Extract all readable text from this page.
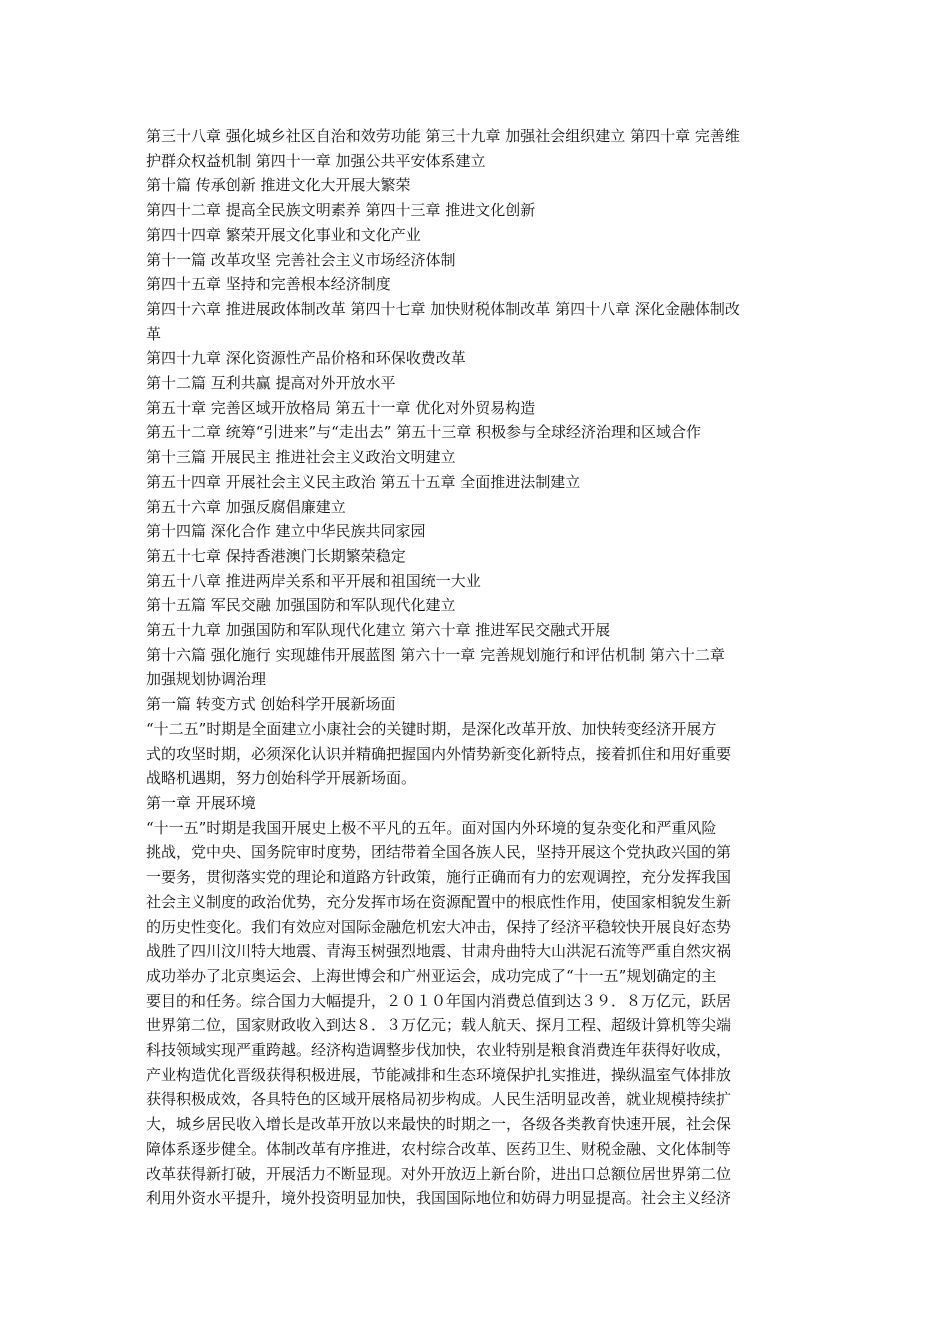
第三十八章 强化城乡社区自治和效劳功能 第三十九章 加强社会组织建立 第四十章 完善维
护群众权益机制 第四十一章 加强公共平安体系建立
第十篇 传承创新 推进文化大开展大繁荣
第四十二章 提高全民族文明素养 第四十三章 推进文化创新
第四十四章 繁荣开展文化事业和文化产业
第十一篇 改革攻坚 完善社会主义市场经济体制
第四十五章 坚持和完善根本经济制度
第四十六章 推进展政体制改革 第四十七章 加快财税体制改革 第四十八章 深化金融体制改
革
第四十九章 深化资源性产品价格和环保收费改革
第十二篇 互利共赢 提高对外开放水平
第五十章 完善区域开放格局 第五十一章 优化对外贸易构造
第五十二章 统筹“引进来”与“走出去” 第五十三章 积极参与全球经济治理和区域合作
第十三篇 开展民主 推进社会主义政治文明建立
第五十四章 开展社会主义民主政治 第五十五章 全面推进法制建立
第五十六章 加强反腐倡廉建立
第十四篇 深化合作 建立中华民族共同家园
第五十七章 保持香港澳门长期繁荣稳定
第五十八章 推进两岸关系和平开展和祖国统一大业
第十五篇 军民交融 加强国防和军队现代化建立
第五十九章 加强国防和军队现代化建立 第六十章 推进军民交融式开展
第十六篇 强化施行 实现雄伟开展蓝图 第六十一章 完善规划施行和评估机制 第六十二章
加强规划协调治理
第一篇 转变方式 创始科学开展新场面
“十二五”时期是全面建立小康社会的关键时期，是深化改革开放、加快转变经济开展方
式的攻坚时期，必须深化认识并精确把握国内外情势新变化新特点，接着抓住和用好重要
战略机遇期，努力创始科学开展新场面。
第一章 开展环境
“十一五”时期是我国开展史上极不平凡的五年。面对国内外环境的复杂变化和严重风险
挑战，党中央、国务院审时度势，团结带着全国各族人民，坚持开展这个党执政兴国的第
一要务，贯彻落实党的理论和道路方针政策，施行正确而有力的宏观调控，充分发挥我国
社会主义制度的政治优势，充分发挥市场在资源配置中的根底性作用，使国家相貌发生新
的历史性变化。我们有效应对国际金融危机宏大冲击，保持了经济平稳较快开展良好态势
战胜了四川汶川特大地震、青海玉树强烈地震、甘肃舟曲特大山洪泥石流等严重自然灾祸
成功举办了北京奥运会、上海世博会和广州亚运会，成功完成了“十一五”规划确定的主
要目的和任务。综合国力大幅提升，２０１０年国内消费总值到达３９．８万亿元，跃居
世界第二位，国家财政收入到达８．３万亿元；载人航天、探月工程、超级计算机等尖端
科技领域实现严重跨越。经济构造调整步伐加快，农业特别是粮食消费连年获得好收成，
产业构造优化晋级获得积极进展，节能减排和生态环境保护扎实推进，操纵温室气体排放
获得积极成效，各具特色的区域开展格局初步构成。人民生活明显改善，就业规模持续扩
大，城乡居民收入增长是改革开放以来最快的时期之一，各级各类教育快速开展，社会保
障体系逐步健全。体制改革有序推进，农村综合改革、医药卫生、财税金融、文化体制等
改革获得新打破，开展活力不断显现。对外开放迈上新台阶，进出口总额位居世界第二位
利用外资水平提升，境外投资明显加快，我国国际地位和妨碍力明显提高。社会主义经济
